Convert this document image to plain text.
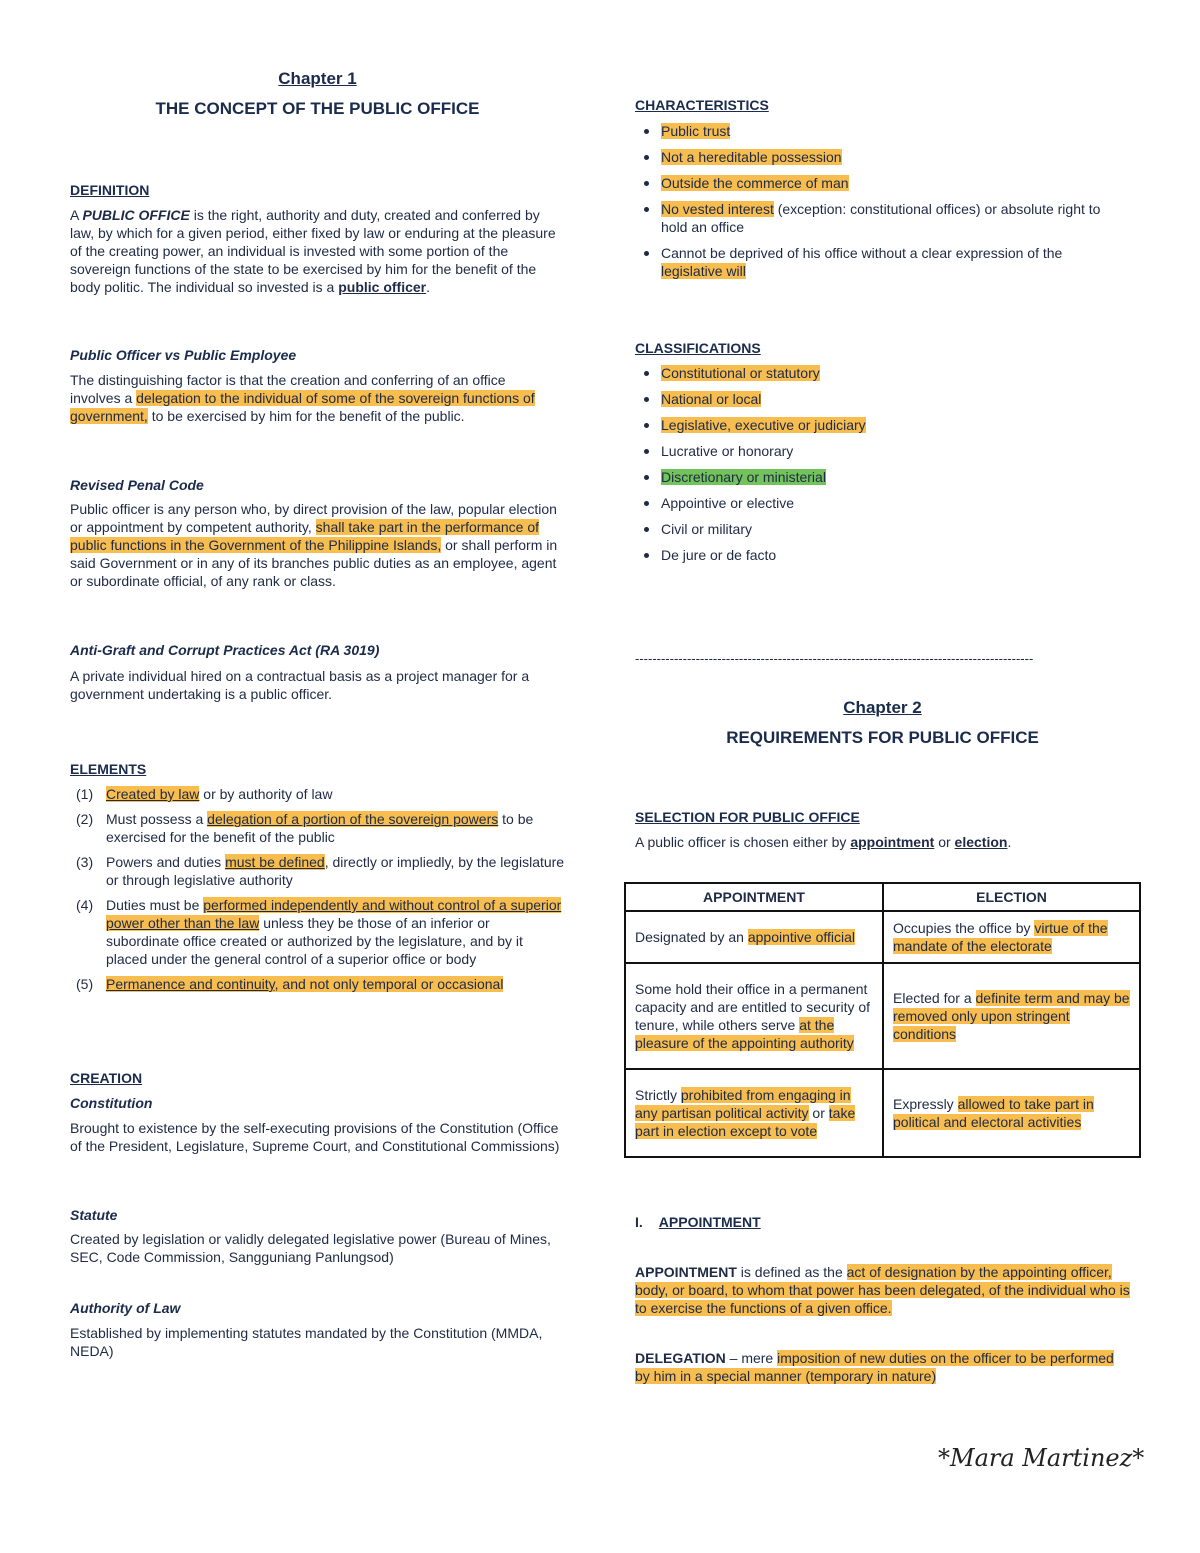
Chapter 1
THE CONCEPT OF THE PUBLIC OFFICE
DEFINITION
A PUBLIC OFFICE is the right, authority and duty, created and conferred by law, by which for a given period, either fixed by law or enduring at the pleasure of the creating power, an individual is invested with some portion of the sovereign functions of the state to be exercised by him for the benefit of the body politic. The individual so invested is a public officer.
Public Officer vs Public Employee
The distinguishing factor is that the creation and conferring of an office involves a delegation to the individual of some of the sovereign functions of government, to be exercised by him for the benefit of the public.
Revised Penal Code
Public officer is any person who, by direct provision of the law, popular election or appointment by competent authority, shall take part in the performance of public functions in the Government of the Philippine Islands, or shall perform in said Government or in any of its branches public duties as an employee, agent or subordinate official, of any rank or class.
Anti-Graft and Corrupt Practices Act (RA 3019)
A private individual hired on a contractual basis as a project manager for a government undertaking is a public officer.
ELEMENTS
(1) Created by law or by authority of law
(2) Must possess a delegation of a portion of the sovereign powers to be exercised for the benefit of the public
(3) Powers and duties must be defined, directly or impliedly, by the legislature or through legislative authority
(4) Duties must be performed independently and without control of a superior power other than the law unless they be those of an inferior or subordinate office created or authorized by the legislature, and by it placed under the general control of a superior office or body
(5) Permanence and continuity, and not only temporal or occasional
CREATION
Constitution
Brought to existence by the self-executing provisions of the Constitution (Office of the President, Legislature, Supreme Court, and Constitutional Commissions)
Statute
Created by legislation or validly delegated legislative power (Bureau of Mines, SEC, Code Commission, Sangguniang Panlungsod)
Authority of Law
Established by implementing statutes mandated by the Constitution (MMDA, NEDA)
CHARACTERISTICS
Public trust
Not a hereditable possession
Outside the commerce of man
No vested interest (exception: constitutional offices) or absolute right to hold an office
Cannot be deprived of his office without a clear expression of the legislative will
CLASSIFICATIONS
Constitutional or statutory
National or local
Legislative, executive or judiciary
Lucrative or honorary
Discretionary or ministerial
Appointive or elective
Civil or military
De jure or de facto
--------------------------------------------------------------------------------------------
Chapter 2
REQUIREMENTS FOR PUBLIC OFFICE
SELECTION FOR PUBLIC OFFICE
A public officer is chosen either by appointment or election.
APPOINTMENT	ELECTION
Designated by an appointive official	Occupies the office by virtue of the mandate of the electorate
Some hold their office in a permanent capacity and are entitled to security of tenure, while others serve at the pleasure of the appointing authority	Elected for a definite term and may be removed only upon stringent conditions
Strictly prohibited from engaging in any partisan political activity or take part in election except to vote	Expressly allowed to take part in political and electoral activities
I. APPOINTMENT
APPOINTMENT is defined as the act of designation by the appointing officer, body, or board, to whom that power has been delegated, of the individual who is to exercise the functions of a given office.
DELEGATION – mere imposition of new duties on the officer to be performed by him in a special manner (temporary in nature)
*Mara Martinez*
